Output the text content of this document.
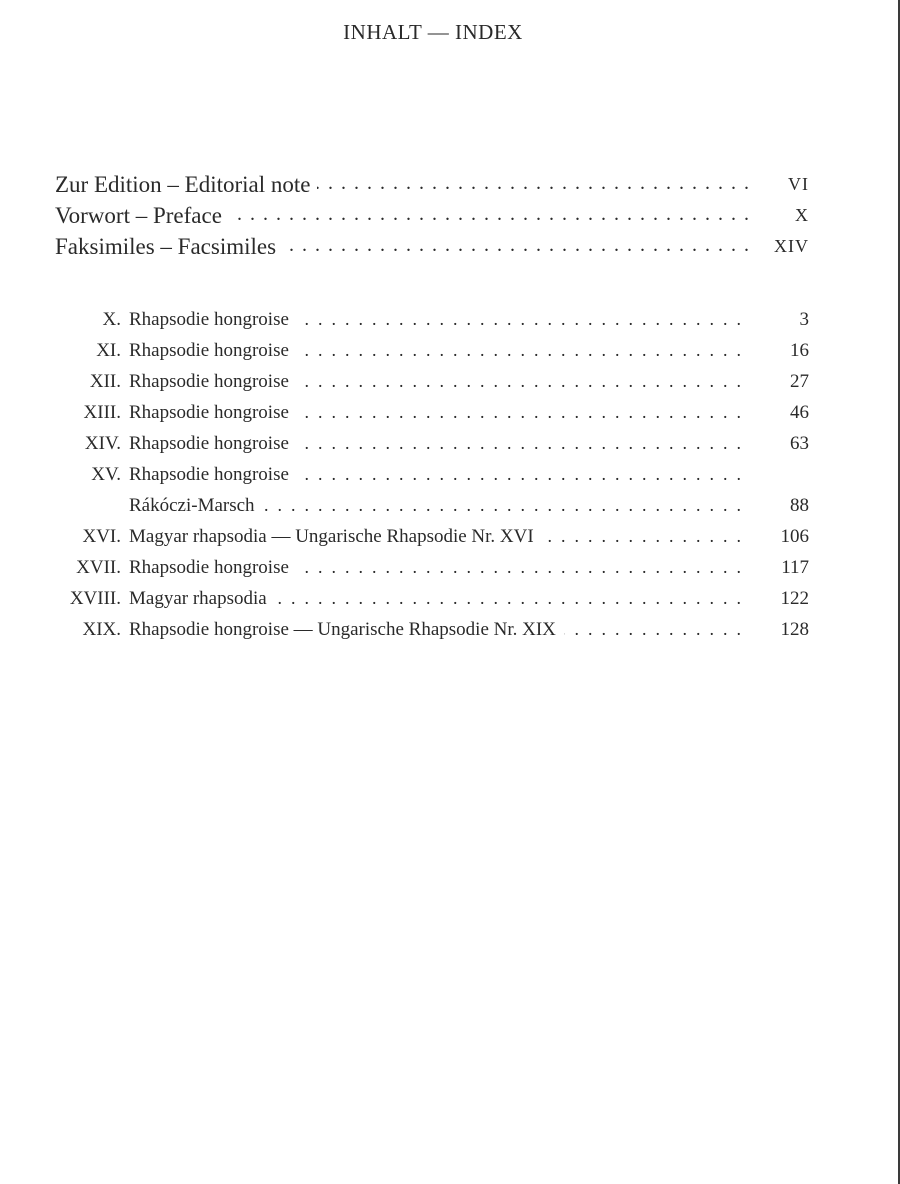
INHALT — INDEX
.....
Zur Edition – Editorial note	VI
.....
Vorwort – Preface	X
.....
Faksimiles – Facsimiles	XIV
X. ..... Rhapsodie hongroise	3
XI. ..... Rhapsodie hongroise	16
XII. ..... Rhapsodie hongroise	27
XIII. ..... Rhapsodie hongroise	46
XIV. ..... Rhapsodie hongroise	63
XV. ..... Rhapsodie hongroise
.....
Rákóczi-Marsch	88
XVI. ..... Magyar rhapsodia — Ungarische Rhapsodie Nr. XVI	106
XVII. ..... Rhapsodie hongroise	117
XVIII. ..... Magyar rhapsodia	122
XIX. ..... Rhapsodie hongroise — Ungarische Rhapsodie Nr. XIX	128
